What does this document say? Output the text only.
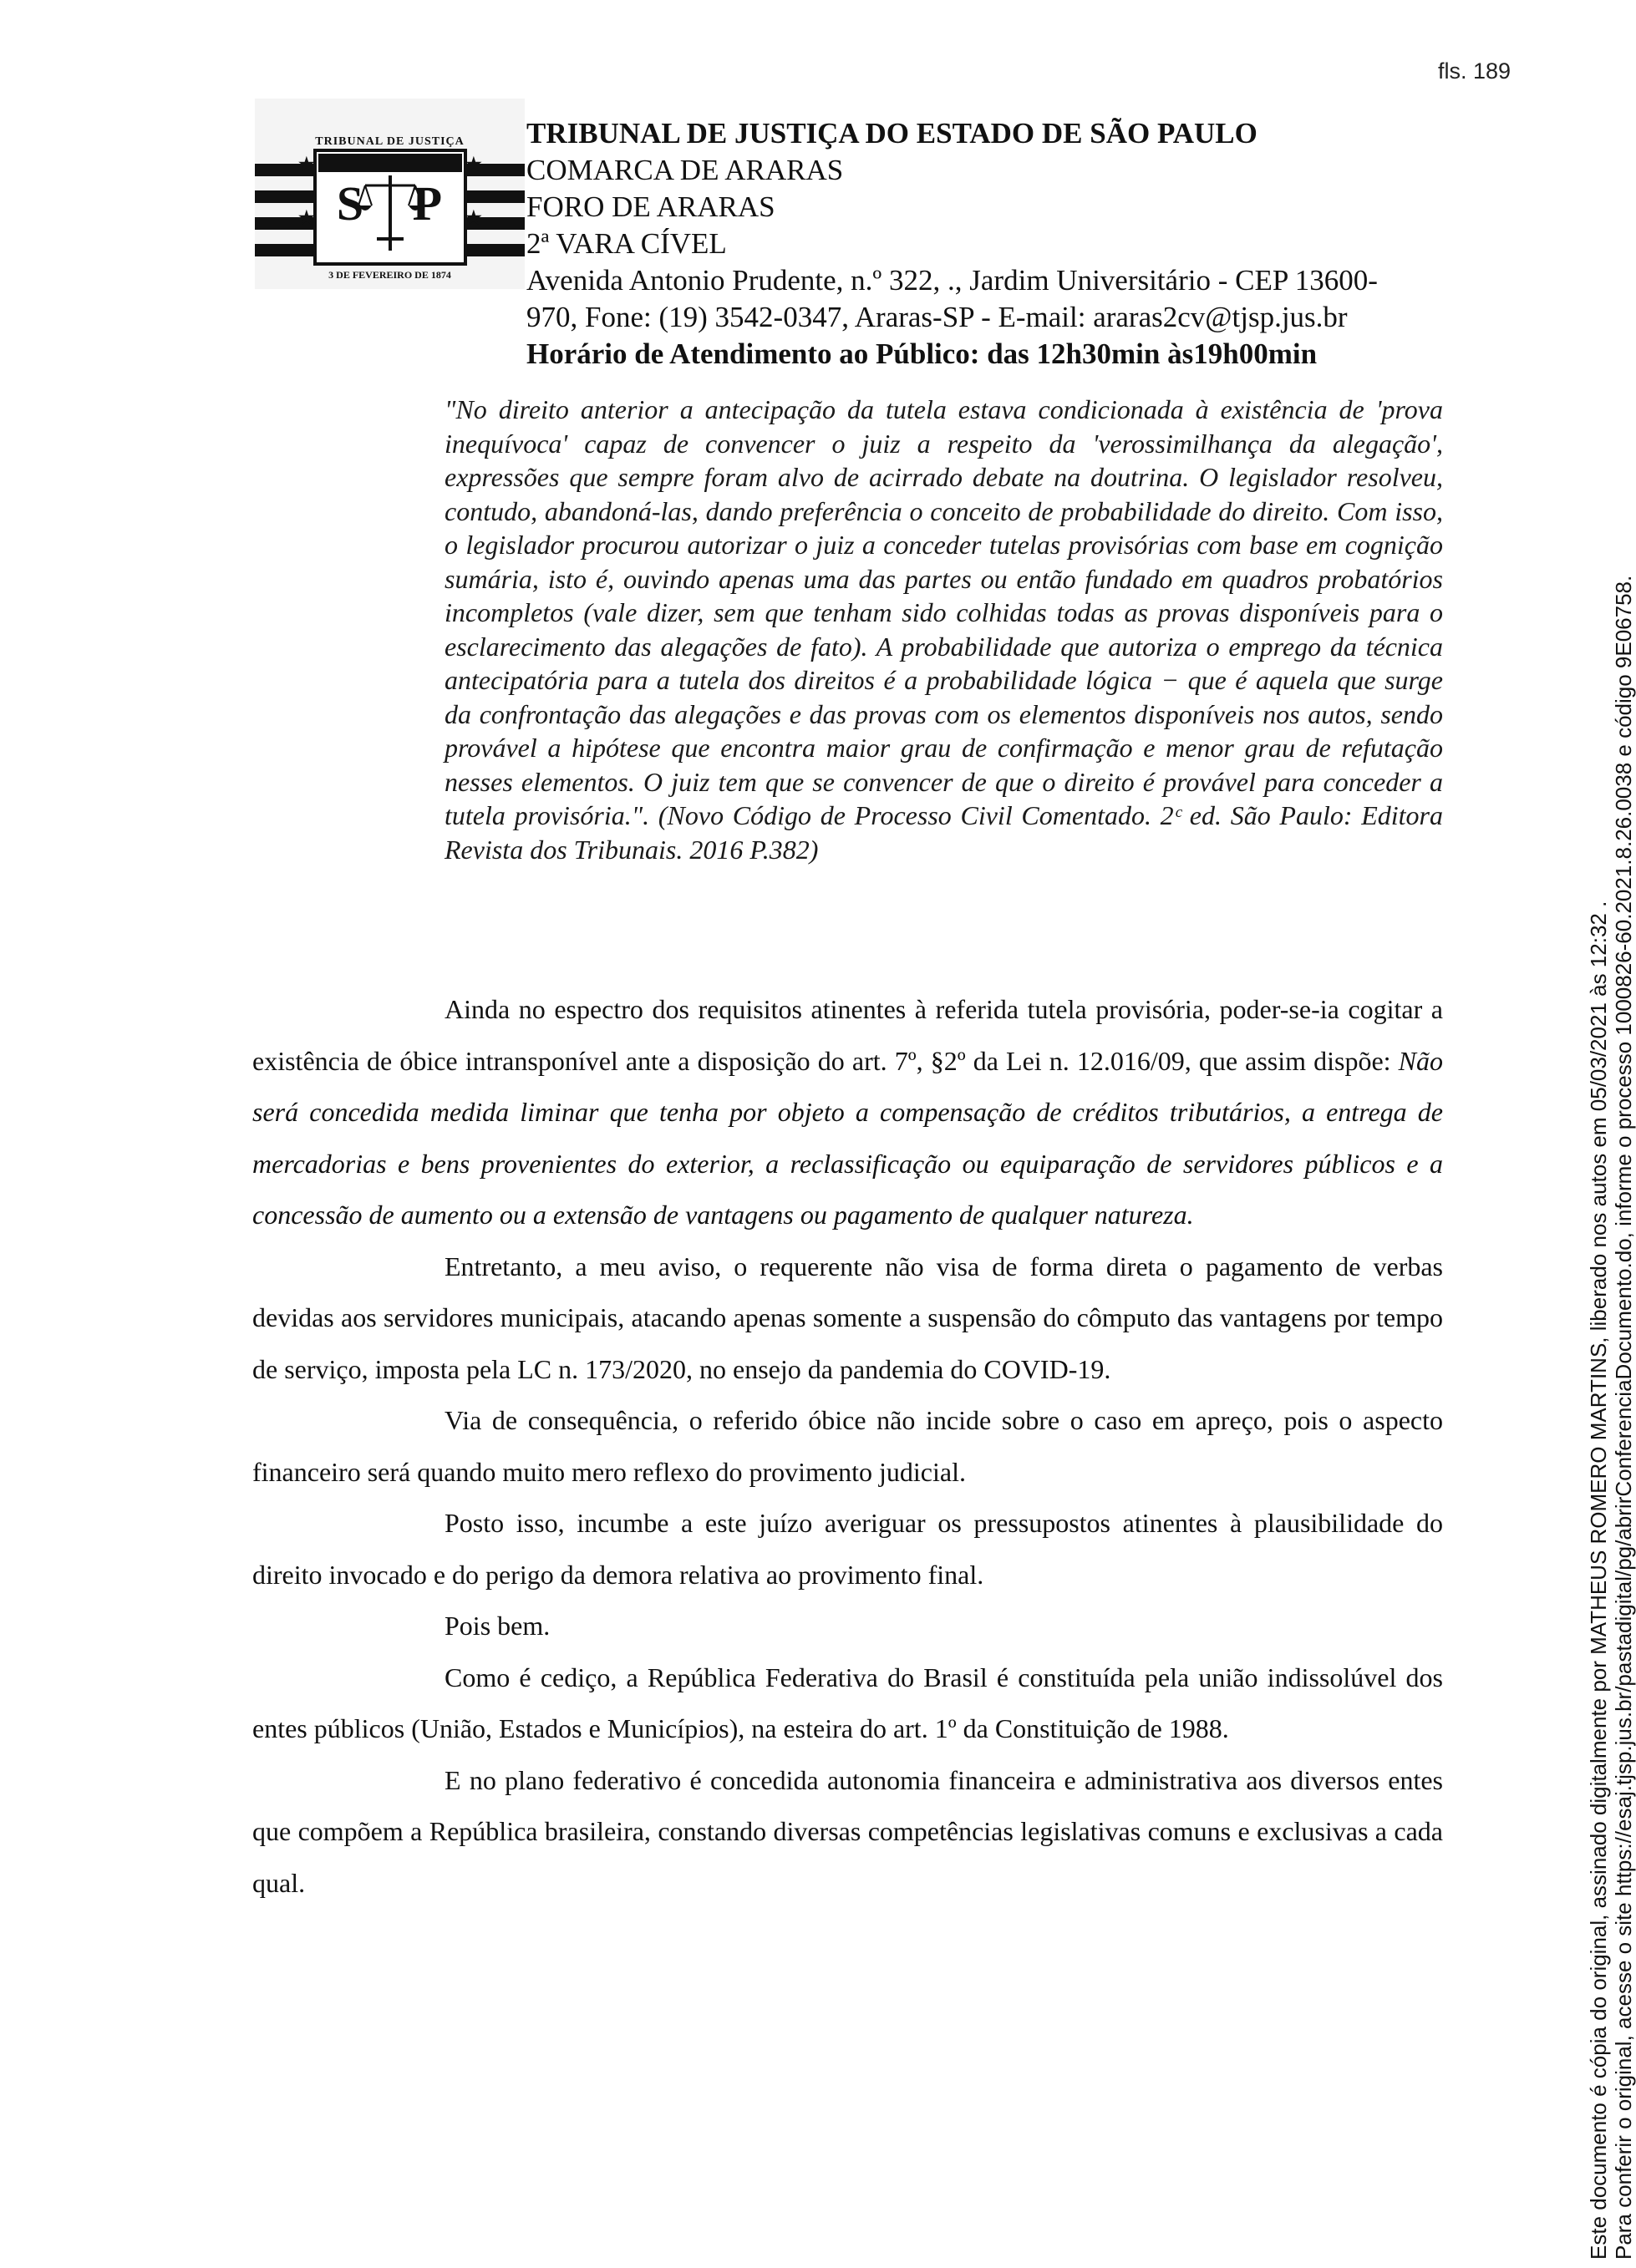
fls. 189
★	★
★	★
TRIBUNAL DE JUSTIÇA
S P
3 DE FEVEREIRO DE 1874
TRIBUNAL DE JUSTIÇA DO ESTADO DE SÃO PAULO
COMARCA DE ARARAS
FORO DE ARARAS
2ª VARA CÍVEL
Avenida Antonio Prudente, n.º 322, ., Jardim Universitário - CEP 13600-
970, Fone: (19) 3542-0347, Araras-SP - E-mail: araras2cv@tjsp.jus.br
Horário de Atendimento ao Público: das 12h30min às19h00min
"No direito anterior a antecipação da tutela estava condicionada à existência de 'prova inequívoca' capaz de convencer o juiz a respeito da 'verossimilhança da alegação', expressões que sempre foram alvo de acirrado debate na doutrina. O legislador resolveu, contudo, abandoná-las, dando preferência o conceito de probabilidade do direito. Com isso, o legislador procurou autorizar o juiz a conceder tutelas provisórias com base em cognição sumária, isto é, ouvindo apenas uma das partes ou então fundado em quadros probatórios incompletos (vale dizer, sem que tenham sido colhidas todas as provas disponíveis para o esclarecimento das alegações de fato). A probabilidade que autoriza o emprego da técnica antecipatória para a tutela dos direitos é a probabilidade lógica − que é aquela que surge da confrontação das alegações e das provas com os elementos disponíveis nos autos, sendo provável a hipótese que encontra maior grau de confirmação e menor grau de refutação nesses elementos. O juiz tem que se convencer de que o direito é provável para conceder a tutela provisória.". (Novo Código de Processo Civil Comentado. 2ᶜ ed. São Paulo: Editora Revista dos Tribunais. 2016 P.382)

Ainda no espectro dos requisitos atinentes à referida tutela provisória, poder-se-ia cogitar a existência de óbice intransponível ante a disposição do art. 7º, §2º da Lei n. 12.016/09, que assim dispõe: Não será concedida medida liminar que tenha por objeto a compensação de créditos tributários, a entrega de mercadorias e bens provenientes do exterior, a reclassificação ou equiparação de servidores públicos e a concessão de aumento ou a extensão de vantagens ou pagamento de qualquer natureza.

Entretanto, a meu aviso, o requerente não visa de forma direta o pagamento de verbas devidas aos servidores municipais, atacando apenas somente a suspensão do cômputo das vantagens por tempo de serviço, imposta pela LC n. 173/2020, no ensejo da pandemia do COVID-19.

Via de consequência, o referido óbice não incide sobre o caso em apreço, pois o aspecto financeiro será quando muito mero reflexo do provimento judicial.

Posto isso, incumbe a este juízo averiguar os pressupostos atinentes à plausibilidade do direito invocado e do perigo da demora relativa ao provimento final.

Pois bem.

Como é cediço, a República Federativa do Brasil é constituída pela união indissolúvel dos entes públicos (União, Estados e Municípios), na esteira do art. 1º da Constituição de 1988.

E no plano federativo é concedida autonomia financeira e administrativa aos diversos entes que compõem a República brasileira, constando diversas competências legislativas comuns e exclusivas a cada qual.	Este documento é cópia do original, assinado digitalmente por MATHEUS ROMERO MARTINS, liberado nos autos em 05/03/2021 às 12:32 . Para conferir o original, acesse o site https://esaj.tjsp.jus.br/pastadigital/pg/abrirConferenciaDocumento.do, informe o processo 1000826-60.2021.8.26.0038 e código 9E06758.
